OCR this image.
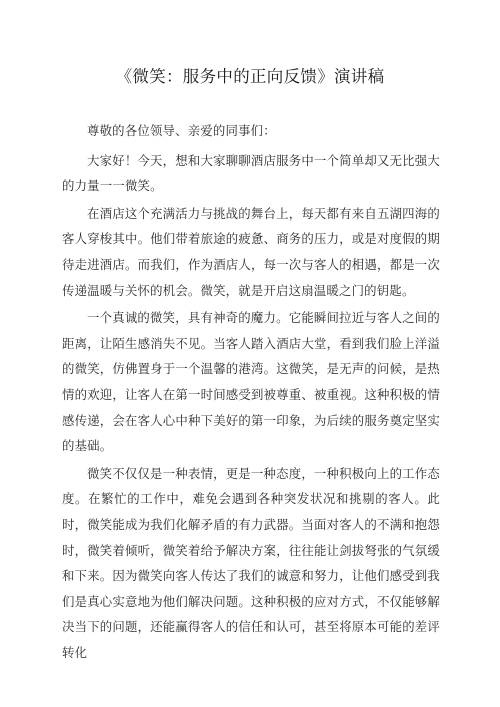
《微笑：服务中的正向反馈》演讲稿

尊敬的各位领导、亲爱的同事们：

大家好！今天，想和大家聊聊酒店服务中一个简单却又无比强大的力量一一微笑。

在酒店这个充满活力与挑战的舞台上，每天都有来自五湖四海的客人穿梭其中。他们带着旅途的疲惫、商务的压力，或是对度假的期待走进酒店。而我们，作为酒店人，每一次与客人的相遇，都是一次传递温暖与关怀的机会。微笑，就是开启这扇温暖之门的钥匙。

一个真诚的微笑，具有神奇的魔力。它能瞬间拉近与客人之间的距离，让陌生感消失不见。当客人踏入酒店大堂，看到我们脸上洋溢的微笑，仿佛置身于一个温馨的港湾。这微笑，是无声的问候，是热情的欢迎，让客人在第一时间感受到被尊重、被重视。这种积极的情感传递，会在客人心中种下美好的第一印象，为后续的服务奠定坚实的基础。

微笑不仅仅是一种表情，更是一种态度，一种积极向上的工作态度。在繁忙的工作中，难免会遇到各种突发状况和挑剔的客人。此时，微笑能成为我们化解矛盾的有力武器。当面对客人的不满和抱怨时，微笑着倾听，微笑着给予解决方案，往往能让剑拔弩张的气氛缓和下来。因为微笑向客人传达了我们的诚意和努力，让他们感受到我们是真心实意地为他们解决问题。这种积极的应对方式，不仅能够解决当下的问题，还能赢得客人的信任和认可，甚至将原本可能的差评转化
